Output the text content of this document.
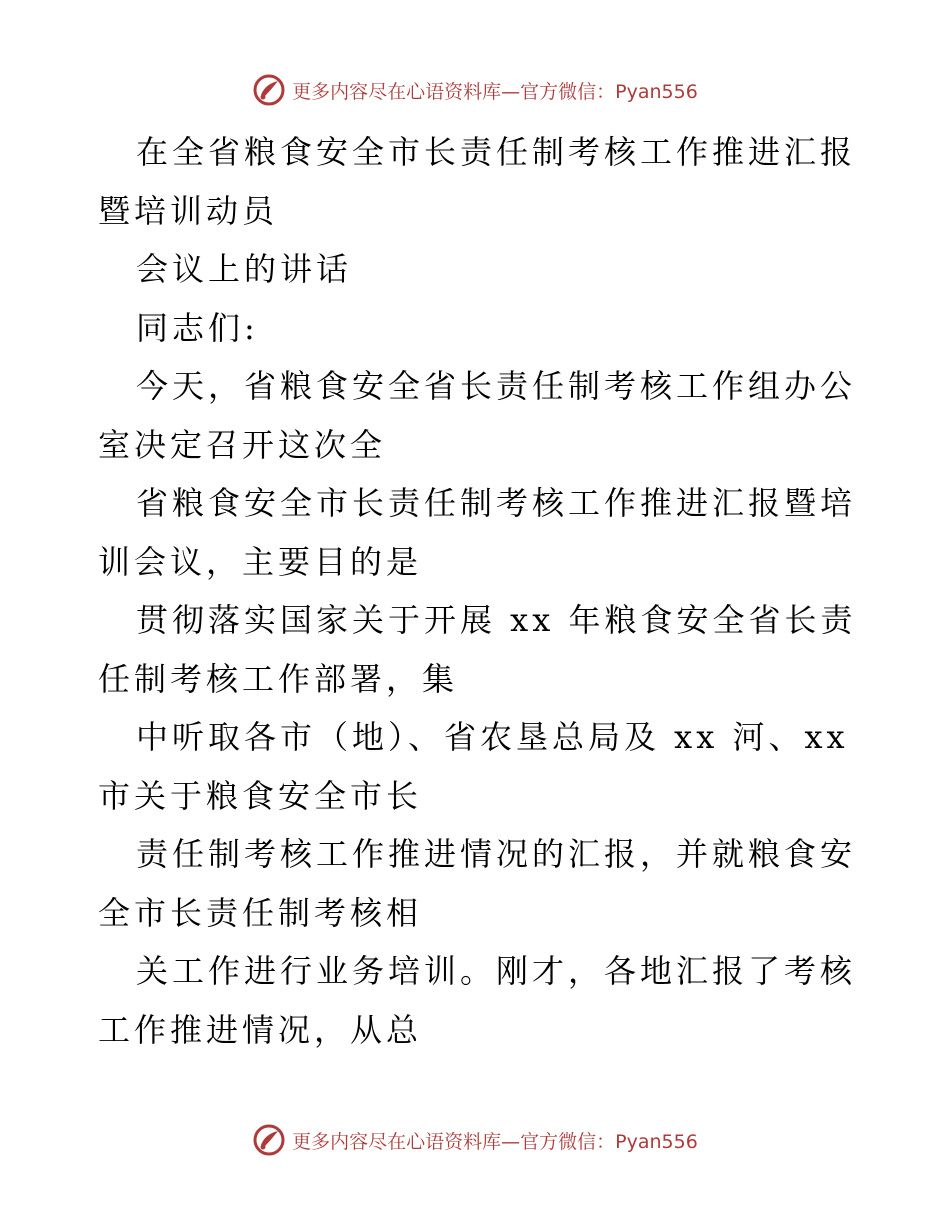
更多内容尽在心语资料库—官方微信：Pyan556

在全省粮食安全市长责任制考核工作推进汇报暨培训动员

会议上的讲话

同志们:

今天，省粮食安全省长责任制考核工作组办公室决定召开这次全

省粮食安全市长责任制考核工作推进汇报暨培训会议，主要目的是

贯彻落实国家关于开展 xx 年粮食安全省长责任制考核工作部署，集

中听取各市（地）、省农垦总局及 xx 河、xx 市关于粮食安全市长

责任制考核工作推进情况的汇报，并就粮食安全市长责任制考核相

关工作进行业务培训。刚才，各地汇报了考核工作推进情况，从总

更多内容尽在心语资料库—官方微信：Pyan556
